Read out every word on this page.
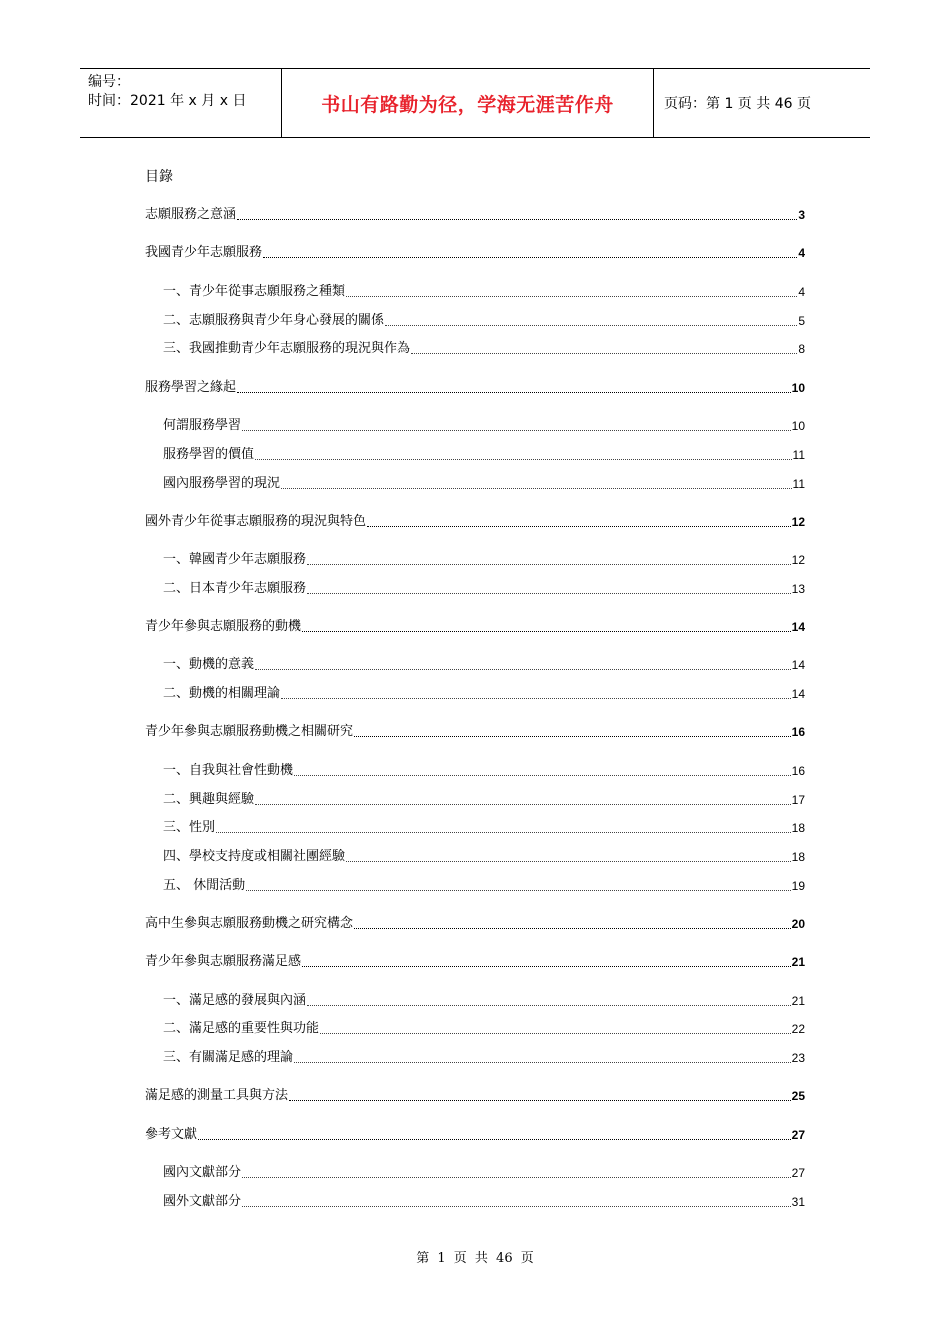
编号：
时间：2021 年 x 月 x 日	书山有路勤为径，学海无涯苦作舟	页码：第 1 页 共 46 页
目錄
志願服務之意涵	3
我國青少年志願服務	4
一、青少年從事志願服務之種類	4
二、志願服務與青少年身心發展的關係	5
三、我國推動青少年志願服務的現況與作為	8
服務學習之緣起	10
何謂服務學習	10
服務學習的價值	11
國內服務學習的現況	11
國外青少年從事志願服務的現況與特色	12
一、韓國青少年志願服務	12
二、日本青少年志願服務	13
青少年參與志願服務的動機	14
一、動機的意義	14
二、動機的相關理論	14
青少年參與志願服務動機之相關研究	16
一、自我與社會性動機	16
二、興趣與經驗	17
三、性別	18
四、學校支持度或相關社團經驗	18
五、 休閒活動	19
高中生參與志願服務動機之研究構念	20
青少年參與志願服務滿足感	21
一、滿足感的發展與內涵	21
二、滿足感的重要性與功能	22
三、有關滿足感的理論	23
滿足感的測量工具與方法	25
參考文獻	27
國內文獻部分	27
國外文獻部分	31
第 1 页 共 46 页
